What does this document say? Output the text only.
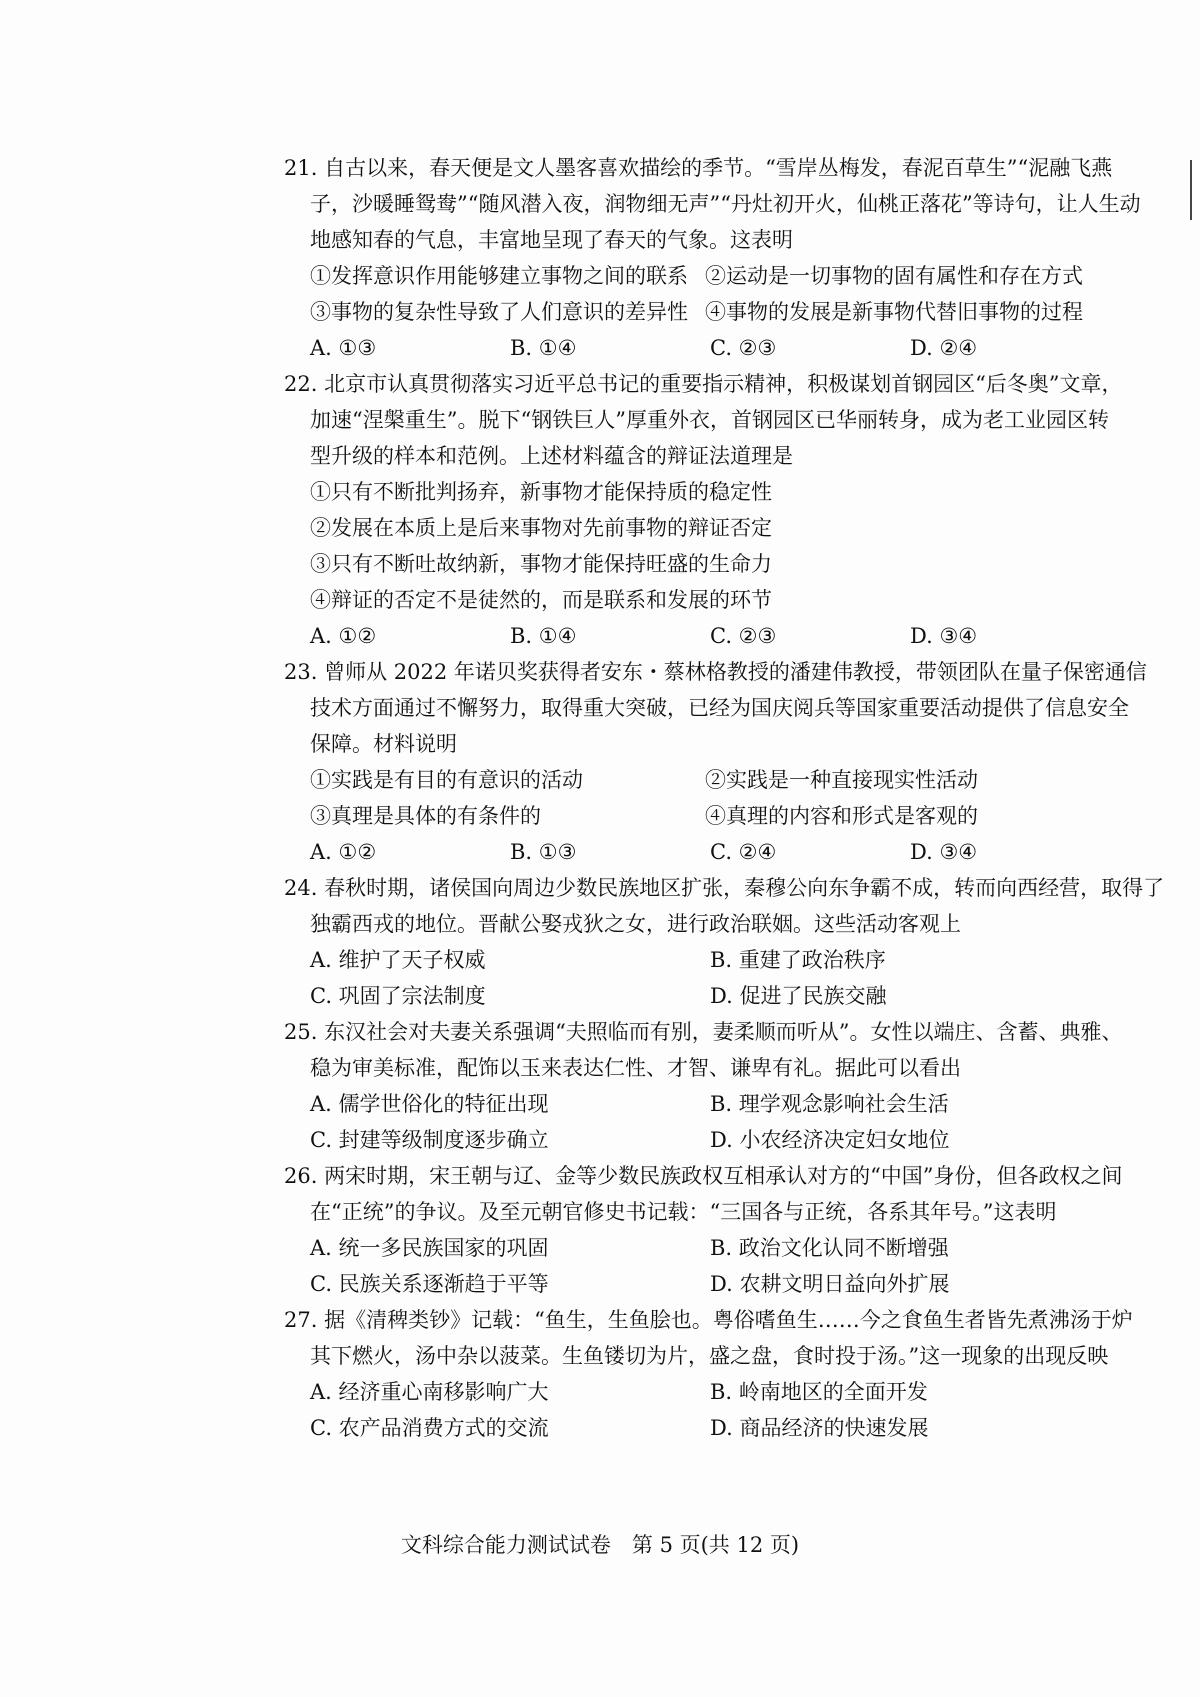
21. 自古以来，春天便是文人墨客喜欢描绘的季节。“雪岸丛梅发，春泥百草生”“泥融飞燕
子，沙暖睡鸳鸯”“随风潜入夜，润物细无声”“丹灶初开火，仙桃正落花”等诗句，让人生动
地感知春的气息，丰富地呈现了春天的气象。这表明
①发挥意识作用能够建立事物之间的联系 ②运动是一切事物的固有属性和存在方式
③事物的复杂性导致了人们意识的差异性 ④事物的发展是新事物代替旧事物的过程
A. ①③	B. ①④	C. ②③	D. ②④
22. 北京市认真贯彻落实习近平总书记的重要指示精神，积极谋划首钢园区“后冬奥”文章，
加速“涅槃重生”。脱下“钢铁巨人”厚重外衣，首钢园区已华丽转身，成为老工业园区转
型升级的样本和范例。上述材料蕴含的辩证法道理是
①只有不断批判扬弃，新事物才能保持质的稳定性
②发展在本质上是后来事物对先前事物的辩证否定
③只有不断吐故纳新，事物才能保持旺盛的生命力
④辩证的否定不是徒然的，而是联系和发展的环节
A. ①②	B. ①④	C. ②③	D. ③④
23. 曾师从 2022 年诺贝奖获得者安东・蔡林格教授的潘建伟教授，带领团队在量子保密通信
技术方面通过不懈努力，取得重大突破，已经为国庆阅兵等国家重要活动提供了信息安全
保障。材料说明
①实践是有目的有意识的活动	②实践是一种直接现实性活动
③真理是具体的有条件的	④真理的内容和形式是客观的
A. ①②	B. ①③	C. ②④	D. ③④
24. 春秋时期，诸侯国向周边少数民族地区扩张，秦穆公向东争霸不成，转而向西经营，取得了
独霸西戎的地位。晋献公娶戎狄之女，进行政治联姻。这些活动客观上
A. 维护了天子权威	B. 重建了政治秩序
C. 巩固了宗法制度	D. 促进了民族交融
25. 东汉社会对夫妻关系强调“夫照临而有别，妻柔顺而听从”。女性以端庄、含蓄、典雅、
稳为审美标准，配饰以玉来表达仁性、才智、谦卑有礼。据此可以看出
A. 儒学世俗化的特征出现	B. 理学观念影响社会生活
C. 封建等级制度逐步确立	D. 小农经济决定妇女地位
26. 两宋时期，宋王朝与辽、金等少数民族政权互相承认对方的“中国”身份，但各政权之间
在“正统”的争议。及至元朝官修史书记载：“三国各与正统，各系其年号。”这表明
A. 统一多民族国家的巩固	B. 政治文化认同不断增强
C. 民族关系逐渐趋于平等	D. 农耕文明日益向外扩展
27. 据《清稗类钞》记载：“鱼生，生鱼脍也。粤俗嗜鱼生……今之食鱼生者皆先煮沸汤于炉
其下燃火，汤中杂以菠菜。生鱼镂切为片，盛之盘，食时投于汤。”这一现象的出现反映
A. 经济重心南移影响广大	B. 岭南地区的全面开发
C. 农产品消费方式的交流	D. 商品经济的快速发展
文科综合能力测试试卷　第 5 页(共 12 页)
